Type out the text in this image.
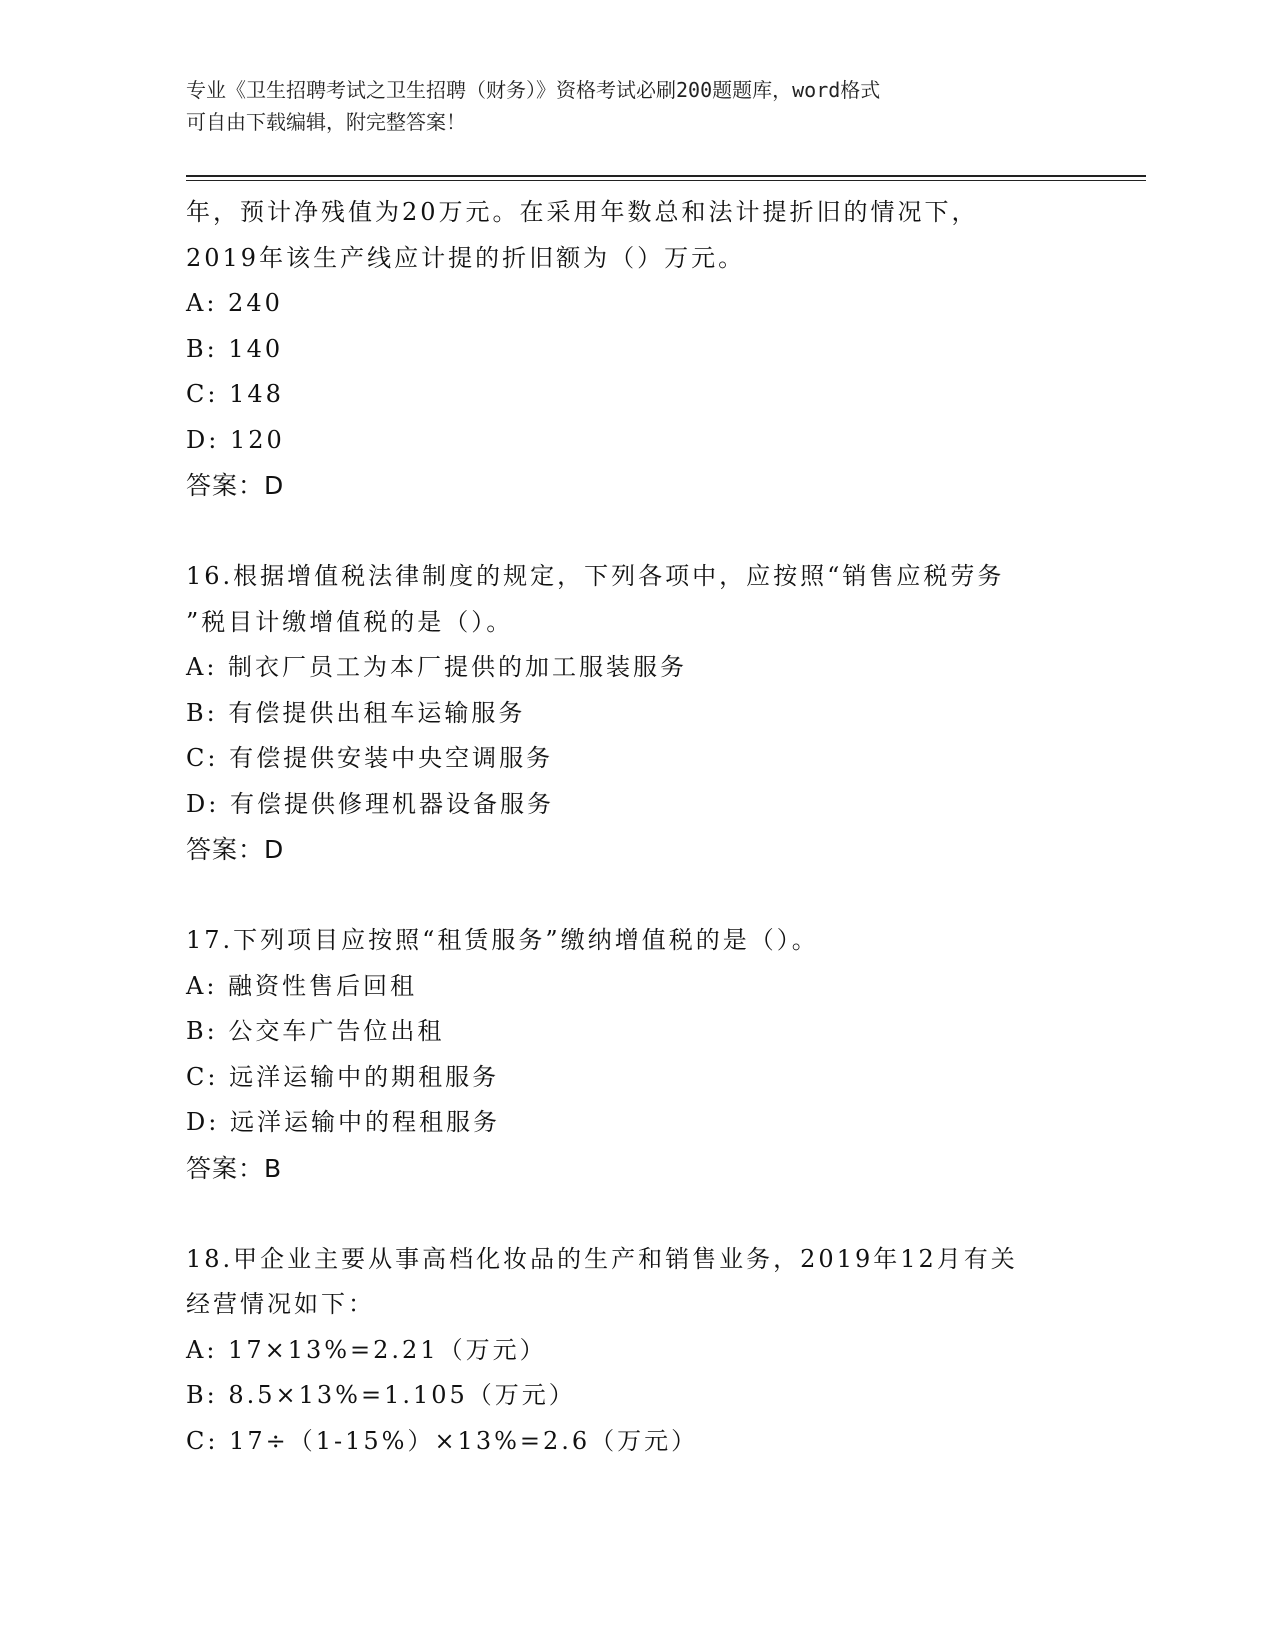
专业《卫生招聘考试之卫生招聘（财务）》资格考试必刷200题题库，word格式
可自由下载编辑，附完整答案！
年，预计净残值为20万元。在采用年数总和法计提折旧的情况下，
2019年该生产线应计提的折旧额为（）万元。
A: 240
B: 140
C: 148
D: 120
答案：D
16.根据增值税法律制度的规定，下列各项中，应按照“销售应税劳务
”税目计缴增值税的是（）。
A: 制衣厂员工为本厂提供的加工服装服务
B: 有偿提供出租车运输服务
C: 有偿提供安装中央空调服务
D: 有偿提供修理机器设备服务
答案：D
17.下列项目应按照“租赁服务”缴纳增值税的是（）。
A: 融资性售后回租
B: 公交车广告位出租
C: 远洋运输中的期租服务
D: 远洋运输中的程租服务
答案：B
18.甲企业主要从事高档化妆品的生产和销售业务，2019年12月有关
经营情况如下：
A: 17×13%=2.21（万元）
B: 8.5×13%=1.105（万元）
C: 17÷（1-15%）×13%=2.6（万元）
